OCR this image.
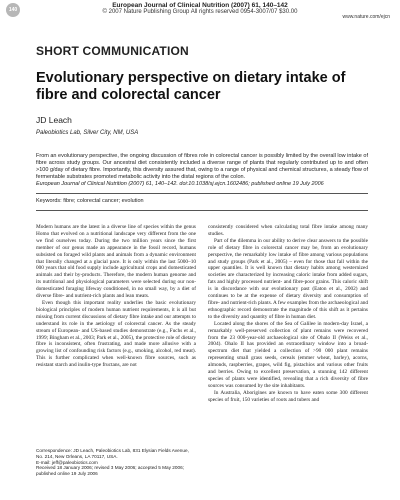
140
European Journal of Clinical Nutrition (2007) 61, 140–142
© 2007 Nature Publishing Group All rights reserved 0954-3007/07 $30.00
www.nature.com/ejcn
SHORT COMMUNICATION
Evolutionary perspective on dietary intake of fibre and colorectal cancer
JD Leach
Paleobiotics Lab, Silver City, NM, USA
From an evolutionary perspective, the ongoing discussion of fibres role in colorectal cancer is possibly limited by the overall low intake of fibre across study groups. Our ancestral diet consistently included a diverse range of plants that regularly contributed up to and often >100 g/day of dietary fibre. Importantly, this diversity assured that, owing to a range of physical and chemical structures, a steady flow of fermentable substrates promoted metabolic activity into the distal regions of the colon.
European Journal of Clinical Nutrition (2007) 61, 140–142. doi:10.1038/sj.ejcn.1602486; published online 19 July 2006
Keywords: fibre; colorectal cancer; evolution

Modern humans are the latest in a diverse line of species within the genus Homo that evolved on a nutritional landscape very different from the one we find ourselves today. During the two million years since the first member of our genus made an appearance in the fossil record, humans subsisted on foraged wild plants and animals from a dynamic environment that literally changed at a glacial pace. It is only within the last 5000–10 000 years that old food supply include agricultural crops and domesticated animals and their by-products. Therefore, the modern human genome and its nutritional and physiological parameters were selected during our non-domesticated foraging lifeway conditioned, in no small way, by a diet of diverse fibre- and nutrient-rich plants and lean meats.

Even though this important reality underlies the basic evolutionary biological principles of modern human nutrient requirements, it is all but missing from current discussions of dietary fibre intake and our attempts to understand its role in the aetiology of colorectal cancer. As the steady stream of European- and US-based studies demonstrate (e.g., Fuchs et al., 1999; Bingham et al., 2003; Park et al., 2005), the protective role of dietary fibre is inconsistent, often frustrating, and made more allusive with a growing list of confounding risk factors (e.g., smoking, alcohol, red meat). This is further complicated when well-known fibre sources, such as resistant starch and inulin-type fructans, are not

consistently considered when calculating total fibre intake among many studies.

Part of the dilemma in our ability to derive clear answers to the possible role of dietary fibre in colorectal cancer may be, from an evolutionary perspective, the remarkably low intake of fibre among various populations and study groups (Park et al., 2005) – even for those that fall within the upper quantiles. It is well known that dietary habits among westernized societies are characterized by increasing caloric intake from added sugars, fats and highly processed nutrient- and fibre-poor grains. This caloric shift is in discordance with our evolutionary past (Eaton et al., 2002) and continues to be at the expense of dietary diversity and consumption of fibre- and nutrient-rich plants. A few examples from the archaeological and ethnographic record demonstrate the magnitude of this shift as it pertains to the diversity and quantity of fibre in human diet.

Located along the shores of the Sea of Galilee in modern-day Israel, a remarkably well-preserved collection of plant remains were recovered from the 23 000-year-old archaeological site of Ohalo II (Weiss et al., 2004). Ohalo II has provided an extraordinary window into a broad-spectrum diet that yielded a collection of >90 000 plant remains representing small grass seeds, cereals (emmer wheat, barley), acorns, almonds, raspberries, grapes, wild fig, pistachios and various other fruits and berries. Owing to excellent preservation, a stunning 142 different species of plants were identified, revealing that a rich diversity of fibre sources was consumed by the site inhabitants.

In Australia, Aborigines are known to have eaten some 300 different species of fruit, 150 varieties of roots and tubers and

Correspondence: JD Leach, Paleobiotics Lab, 831 Elysian Fields Avenue, No. 214, New Orleans, LA 70117, USA.
E-mail: jeff@paleobiotics.com
Received 18 January 2006; revised 3 May 2006; accepted 5 May 2006; published online 19 July 2006
